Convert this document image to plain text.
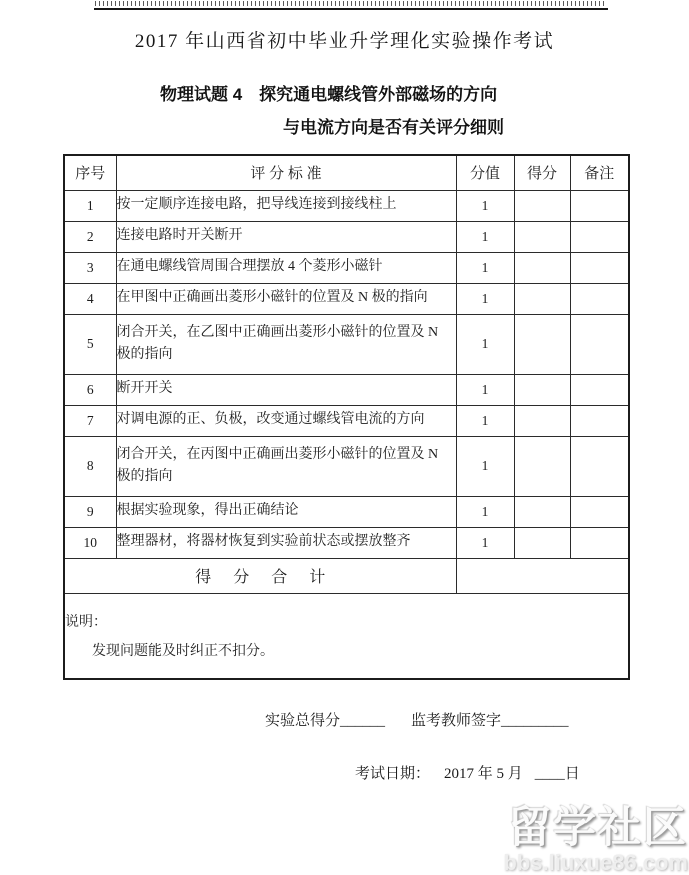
2017 年山西省初中毕业升学理化实验操作考试
物理试题 4　探究通电螺线管外部磁场的方向
与电流方向是否有关评分细则
序号	评 分 标 准	分值	得分	备注
1	按一定顺序连接电路，把导线连接到接线柱上	1		
2	连接电路时开关断开	1		
3	在通电螺线管周围合理摆放 4 个菱形小磁针	1		
4	在甲图中正确画出菱形小磁针的位置及 N 极的指向	1		
5	闭合开关，在乙图中正确画出菱形小磁针的位置及 N 极的指向	1		
6	断开开关	1		
7	对调电源的正、负极，改变通过螺线管电流的方向	1		
8	闭合开关，在丙图中正确画出菱形小磁针的位置及 N 极的指向	1		
9	根据实验现象，得出正确结论	1		
10	整理器材，将器材恢复到实验前状态或摆放整齐	1		
得 分 合 计				

说明：
发现问题能及时纠正不扣分。				
实验总得分______ 监考教师签字_________
考试日期： 2017 年 5 月 ____日
留学社区
bbs.liuxue86.com
